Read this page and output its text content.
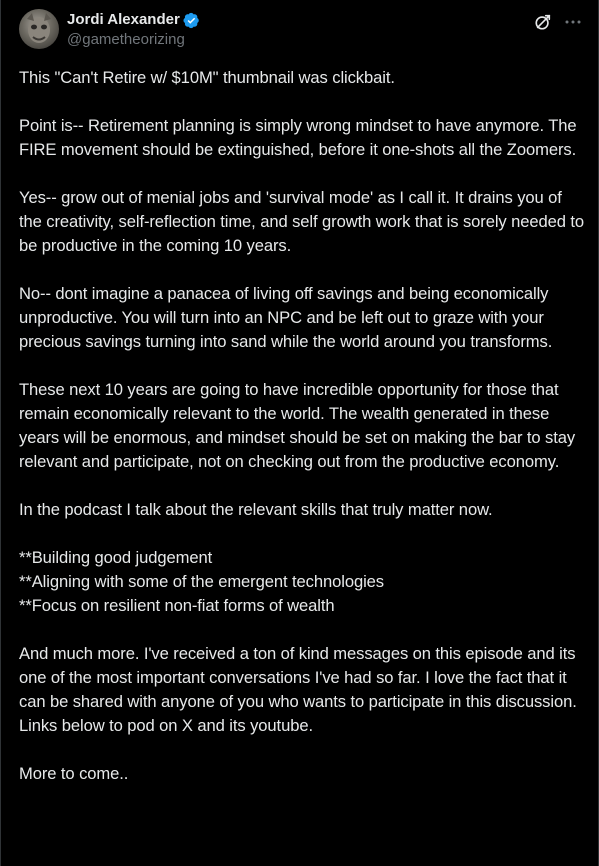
Jordi Alexander
@gametheorizing

This "Can't Retire w/ $10M" thumbnail was clickbait.

Point is-- Retirement planning is simply wrong mindset to have anymore. The FIRE movement should be extinguished, before it one-shots all the Zoomers.

Yes-- grow out of menial jobs and 'survival mode' as I call it. It drains you of the creativity, self-reflection time, and self growth work that is sorely needed to be productive in the coming 10 years.

No-- dont imagine a panacea of living off savings and being economically unproductive. You will turn into an NPC and be left out to graze with your precious savings turning into sand while the world around you transforms.

These next 10 years are going to have incredible opportunity for those that remain economically relevant to the world. The wealth generated in these years will be enormous, and mindset should be set on making the bar to stay relevant and participate, not on checking out from the productive economy.

In the podcast I talk about the relevant skills that truly matter now.

**Building good judgement

**Aligning with some of the emergent technologies

**Focus on resilient non-fiat forms of wealth

And much more. I've received a ton of kind messages on this episode and its one of the most important conversations I've had so far. I love the fact that it can be shared with anyone of you who wants to participate in this discussion. Links below to pod on X and its youtube.

More to come..
